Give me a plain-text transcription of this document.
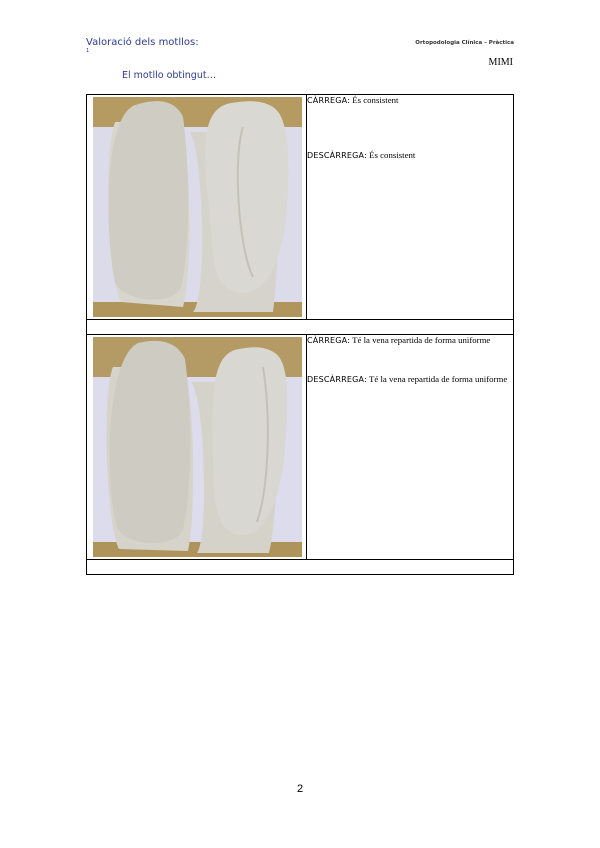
Valoració dels motllos:
1
Ortopodologia Clínica – Pràctica
MIMI
El motllo obtingut…

CÀRREGA: És consistent

DESCÀRREGA: És consistent

CÀRREGA: Té la vena repartida de forma uniforme

DESCÀRREGA: Té la vena repartida de forma uniforme

2
